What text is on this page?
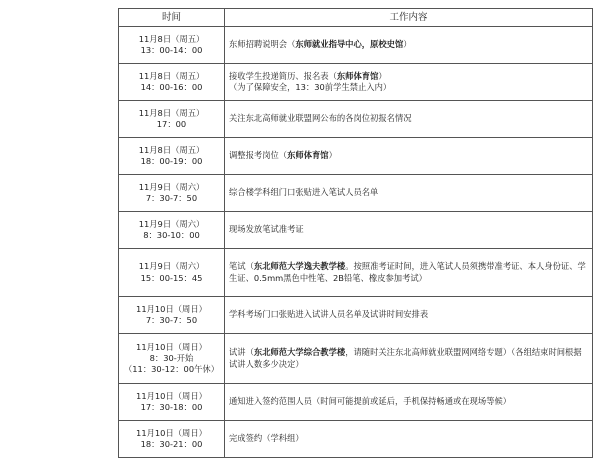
时间	工作内容

11月8日（周五）
13：00-14：00	东师招聘说明会（东师就业指导中心，原校史馆）

11月8日（周五）
14：00-16：00	接收学生投递简历、报名表（东师体育馆）
（为了保障安全，13：30前学生禁止入内）

11月8日（周五）
17：00	关注东北高师就业联盟网公布的各岗位初报名情况

11月8日（周五）
18：00-19：00	调整报考岗位（东师体育馆）

11月9日（周六）
7：30-7：50	综合楼学科组门口张贴进入笔试人员名单

11月9日（周六）
8：30-10：00	现场发放笔试准考证

11月9日（周六）
15：00-15：45	笔试（东北师范大学逸夫教学楼。按照准考证时间，进入笔试人员须携带准考证、本人身份证、学生证、0.5mm黑色中性笔、2B铅笔、橡皮参加考试）

11月10日（周日）
7：30-7：50	学科考场门口张贴进入试讲人员名单及试讲时间安排表

11月10日（周日）
8：30-开始
（11：30-12：00午休）	试讲（东北师范大学综合教学楼，请随时关注东北高师就业联盟网网络专题）（各组结束时间根据试讲人数多少决定）

11月10日（周日）
17：30-18：00	通知进入签约范围人员（时间可能提前或延后，手机保持畅通或在现场等候）

11月10日（周日）
18：30-21：00	完成签约（学科组）
